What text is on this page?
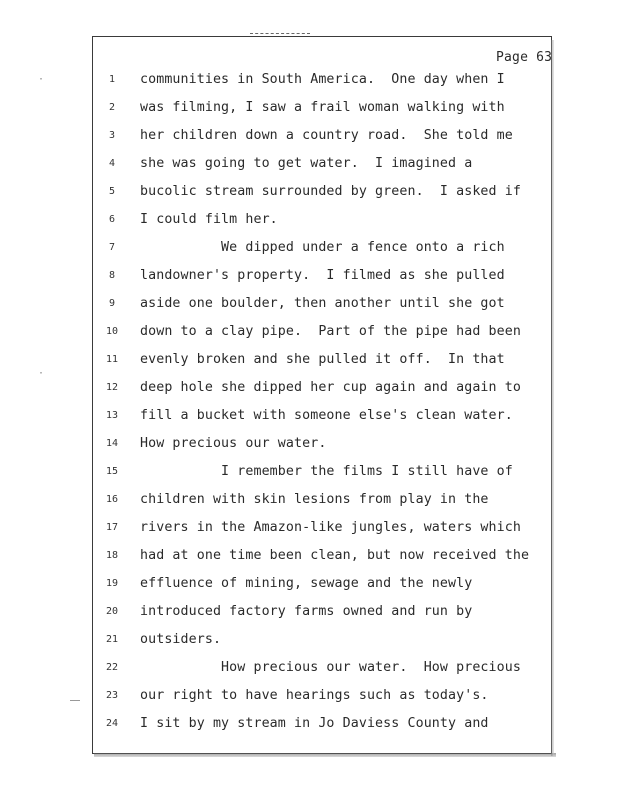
·
·
Page 63
1
2
3
4
5
6
7
8
9
10
11
12
13
14
15
16
17
18
19
20
21
22
23
24
communities in South America.  One day when I
was filming, I saw a frail woman walking with
her children down a country road.  She told me
she was going to get water.  I imagined a
bucolic stream surrounded by green.  I asked if
I could film her.
We dipped under a fence onto a rich
landowner's property.  I filmed as she pulled
aside one boulder, then another until she got
down to a clay pipe.  Part of the pipe had been
evenly broken and she pulled it off.  In that
deep hole she dipped her cup again and again to
fill a bucket with someone else's clean water.
How precious our water.
I remember the films I still have of
children with skin lesions from play in the
rivers in the Amazon-like jungles, waters which
had at one time been clean, but now received the
effluence of mining, sewage and the newly
introduced factory farms owned and run by
outsiders.
How precious our water.  How precious
our right to have hearings such as today's.
I sit by my stream in Jo Daviess County and
